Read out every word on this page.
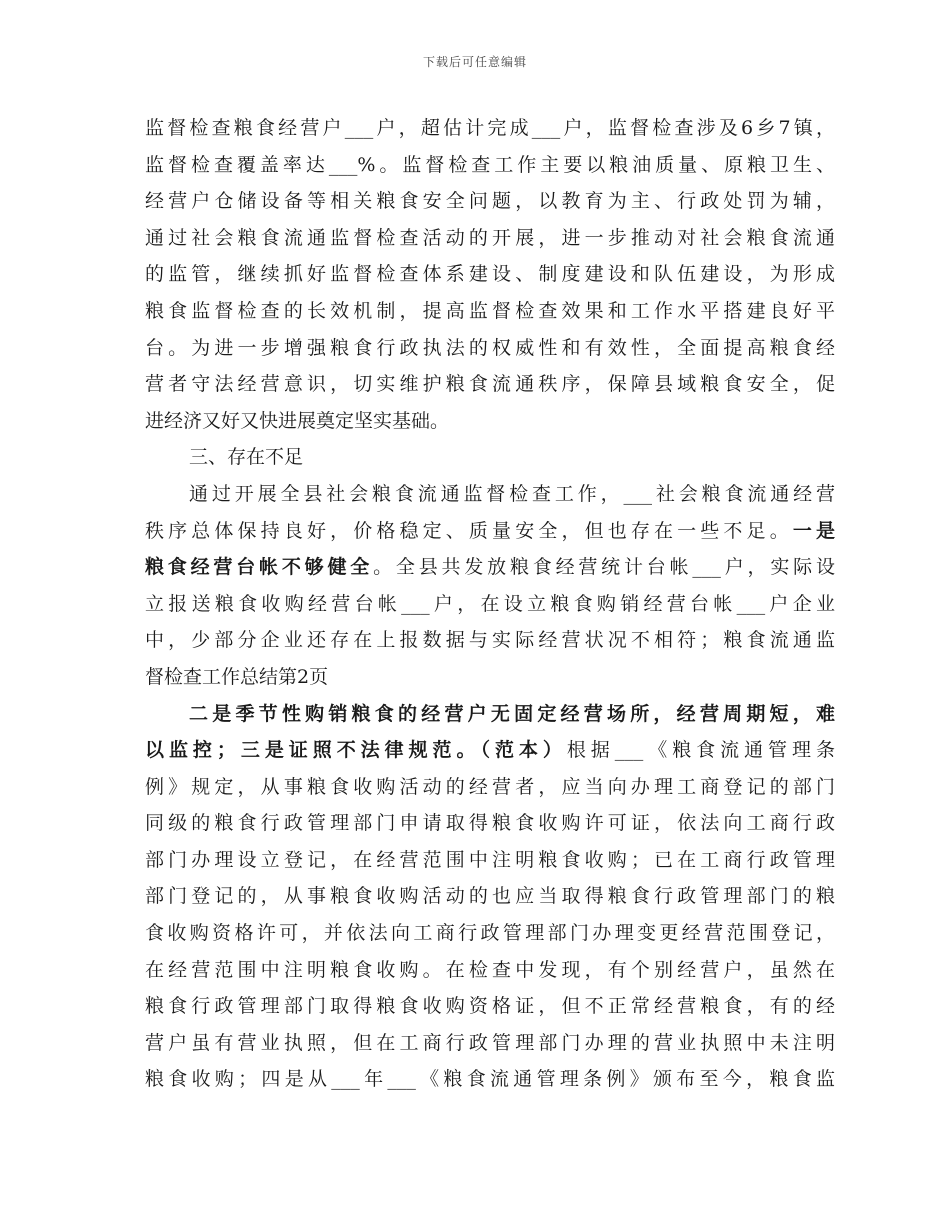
下载后可任意编辑
监督检查粮食经营户___户，超估计完成___户，监督检查涉及6乡7镇，
监督检查覆盖率达___%。监督检查工作主要以粮油质量、原粮卫生、
经营户仓储设备等相关粮食安全问题，以教育为主、行政处罚为辅，
通过社会粮食流通监督检查活动的开展，进一步推动对社会粮食流通
的监管，继续抓好监督检查体系建设、制度建设和队伍建设，为形成
粮食监督检查的长效机制，提高监督检查效果和工作水平搭建良好平
台。为进一步增强粮食行政执法的权威性和有效性，全面提高粮食经
营者守法经营意识，切实维护粮食流通秩序，保障县域粮食安全，促
进经济又好又快进展奠定坚实基础。
三、存在不足
通过开展全县社会粮食流通监督检查工作，___社会粮食流通经营
秩序总体保持良好，价格稳定、质量安全，但也存在一些不足。一是
粮食经营台帐不够健全。全县共发放粮食经营统计台帐___户，实际设
立报送粮食收购经营台帐___户，在设立粮食购销经营台帐___户企业
中，少部分企业还存在上报数据与实际经营状况不相符；粮食流通监
督检查工作总结第2页
二是季节性购销粮食的经营户无固定经营场所，经营周期短，难
以监控；三是证照不法律规范。（范本）根据___《粮食流通管理条
例》规定，从事粮食收购活动的经营者，应当向办理工商登记的部门
同级的粮食行政管理部门申请取得粮食收购许可证，依法向工商行政
部门办理设立登记，在经营范围中注明粮食收购；已在工商行政管理
部门登记的，从事粮食收购活动的也应当取得粮食行政管理部门的粮
食收购资格许可，并依法向工商行政管理部门办理变更经营范围登记，
在经营范围中注明粮食收购。在检查中发现，有个别经营户，虽然在
粮食行政管理部门取得粮食收购资格证，但不正常经营粮食，有的经
营户虽有营业执照，但在工商行政管理部门办理的营业执照中未注明
粮食收购；四是从___年___《粮食流通管理条例》颁布至今，粮食监
